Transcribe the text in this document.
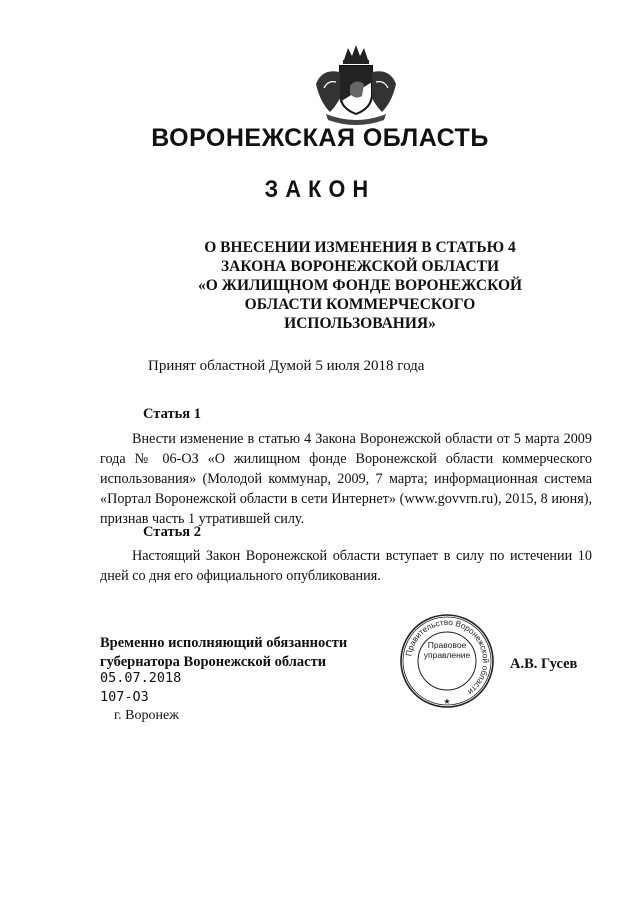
ВОРОНЕЖСКАЯ ОБЛАСТЬ
ЗАКОН
О ВНЕСЕНИИ ИЗМЕНЕНИЯ В СТАТЬЮ 4
ЗАКОНА ВОРОНЕЖСКОЙ ОБЛАСТИ
«О ЖИЛИЩНОМ ФОНДЕ ВОРОНЕЖСКОЙ
ОБЛАСТИ КОММЕРЧЕСКОГО
ИСПОЛЬЗОВАНИЯ»
Принят областной Думой 5 июля 2018 года
Статья 1
Внести изменение в статью 4 Закона Воронежской области от 5 марта 2009 года № 06-ОЗ «О жилищном фонде Воронежской области коммерческого использования» (Молодой коммунар, 2009, 7 марта; информационная система «Портал Воронежской области в сети Интернет» (www.govvrn.ru), 2015, 8 июня), признав часть 1 утратившей силу.
Статья 2
Настоящий Закон Воронежской области вступает в силу по истечении 10 дней со дня его официального опубликования.
Временно исполняющий обязанности
губернатора Воронежской области
05.07.2018
107-ОЗ
г. Воронеж
А.В. Гусев
Правительство Воронежской области
★
Правовое
управление
